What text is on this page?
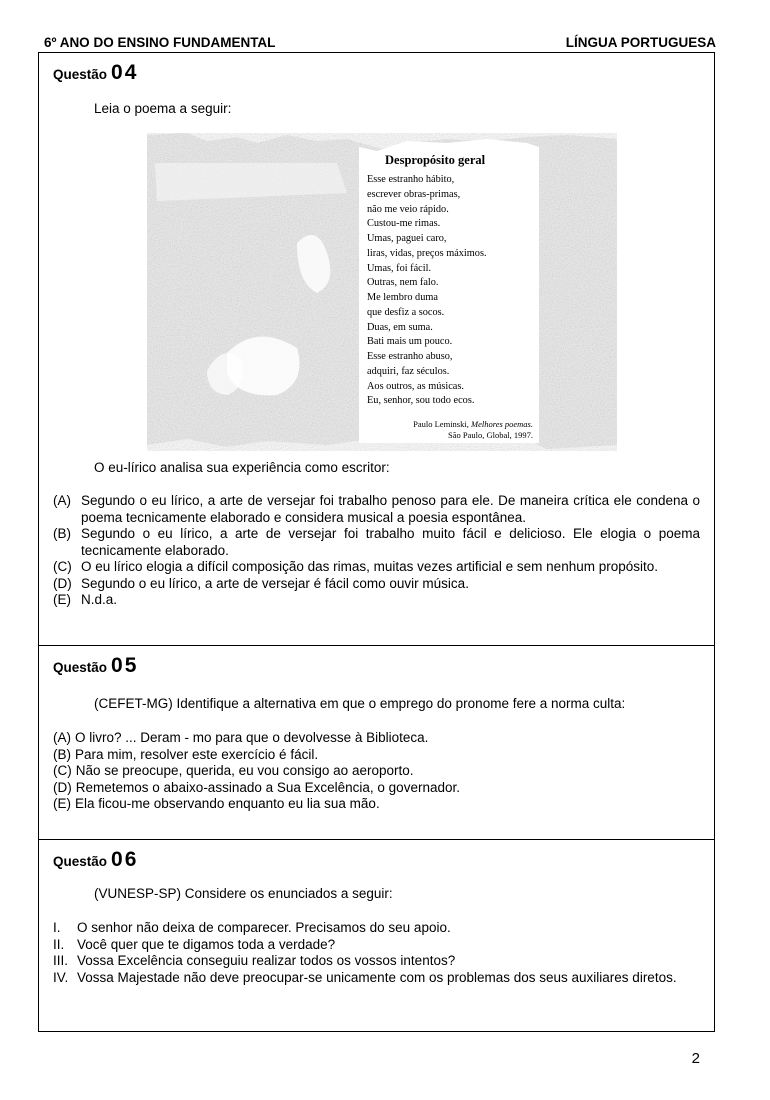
6º ANO DO ENSINO FUNDAMENTAL	LÍNGUA PORTUGUESA
Questão 04
Leia o poema a seguir:
Despropósito geral
Esse estranho hábito,
escrever obras-primas,
não me veio rápido.
Custou-me rimas.
Umas, paguei caro,
liras, vidas, preços máximos.
Umas, foi fácil.
Outras, nem falo.
Me lembro duma
que desfiz a socos.
Duas, em suma.
Bati mais um pouco.
Esse estranho abuso,
adquiri, faz séculos.
Aos outros, as músicas.
Eu, senhor, sou todo ecos.
Paulo Leminski, Melhores poemas.
São Paulo, Global, 1997.
O eu-lírico analisa sua experiência como escritor:
(A) Segundo o eu lírico, a arte de versejar foi trabalho penoso para ele. De maneira crítica ele condena o poema tecnicamente elaborado e considera musical a poesia espontânea.
(B) Segundo o eu lírico, a arte de versejar foi trabalho muito fácil e delicioso. Ele elogia o poema tecnicamente elaborado.
(C) O eu lírico elogia a difícil composição das rimas, muitas vezes artificial e sem nenhum propósito.
(D) Segundo o eu lírico, a arte de versejar é fácil como ouvir música.
(E) N.d.a.
Questão 05
(CEFET-MG) Identifique a alternativa em que o emprego do pronome fere a norma culta:
(A) O livro? ... Deram - mo para que o devolvesse à Biblioteca.
(B) Para mim, resolver este exercício é fácil.
(C) Não se preocupe, querida, eu vou consigo ao aeroporto.
(D) Remetemos o abaixo-assinado a Sua Excelência, o governador.
(E) Ela ficou-me observando enquanto eu lia sua mão.
Questão 06
(VUNESP-SP) Considere os enunciados a seguir:
I.	O senhor não deixa de comparecer. Precisamos do seu apoio.
II. Você quer que te digamos toda a verdade?
III. Vossa Excelência conseguiu realizar todos os vossos intentos?
IV. Vossa Majestade não deve preocupar-se unicamente com os problemas dos seus auxiliares diretos.
2
